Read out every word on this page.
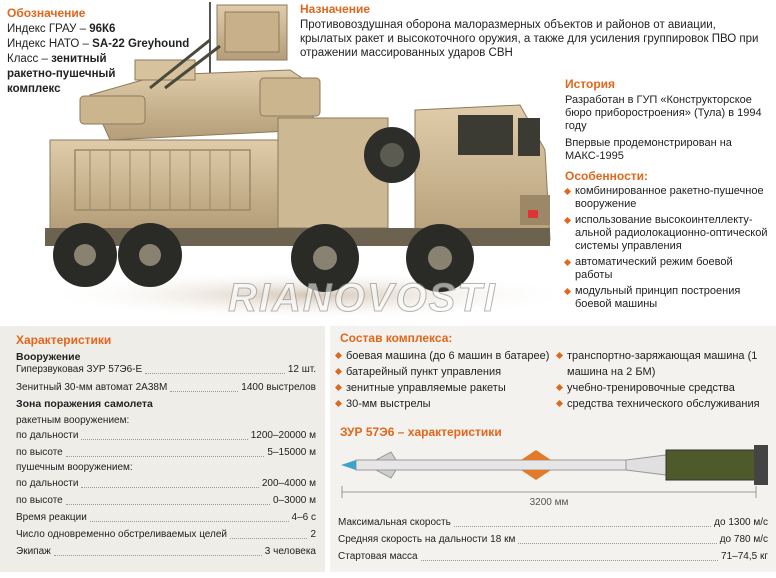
Обозначение
Индекс ГРАУ – 96К6
Индекс НАТО – SA-22 Greyhound
Класс – зенитный ракетно-пушечный комплекс
RIANOVOSTI
Назначение
Противовоздушная оборона малоразмерных объектов и районов от авиации, крылатых ракет и высокоточного оружия, а также для усиления группировок ПВО при отражении массированных ударов СВН
История

Разработан в ГУП «Конструкторское бюро приборостроения» (Тула) в 1994 году

Впервые продемонстрирован на МАКС-1995

Особенности:
комбинированное ракетно-пушечное вооружение
использование высокоинтеллекту-альной радиолокационно-оптической системы управления
автоматический режим боевой работы
модульный принцип построения боевой машины
Характеристики
Вооружение
Гиперзвуковая ЗУР 57Э6-Е	12 шт.
Зенитный 30-мм автомат 2А38М	1400 выстрелов
Зона поражения самолета
ракетным вооружением:
по дальности	1200–20000 м
по высоте	5–15000 м
пушечным вооружением:
по дальности	200–4000 м
по высоте	0–3000 м
Время реакции	4–6 с
Число одновременно обстреливаемых целей	2
Экипаж	3 человека
Состав комплекса:
боевая машина (до 6 машин в батарее)
батарейный пункт управления
зенитные управляемые ракеты
30-мм выстрелы
транспортно-заряжающая машина (1 машина на 2 БМ)
учебно-тренировочные средства
средства технического обслуживания
ЗУР 57Э6 – характеристики
3200 мм
Максимальная скорость	до 1300 м/с
Средняя скорость на дальности 18 км	до 780 м/с
Стартовая масса	71–74,5 кг
